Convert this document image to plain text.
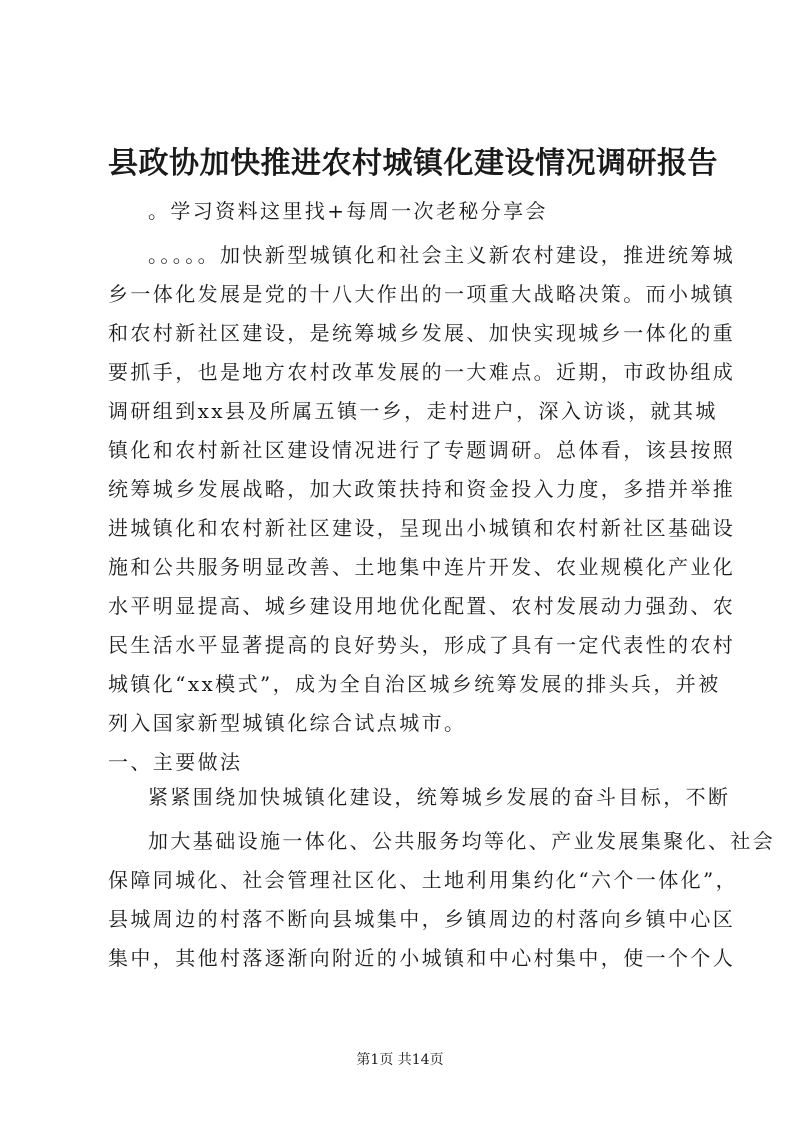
县政协加快推进农村城镇化建设情况调研报告
。学习资料这里找+每周一次老秘分享会
。。。。。加快新型城镇化和社会主义新农村建设，推进统筹城
乡一体化发展是党的十八大作出的一项重大战略决策。而小城镇
和农村新社区建设，是统筹城乡发展、加快实现城乡一体化的重
要抓手，也是地方农村改革发展的一大难点。近期，市政协组成
调研组到xx县及所属五镇一乡，走村进户，深入访谈，就其城
镇化和农村新社区建设情况进行了专题调研。总体看，该县按照
统筹城乡发展战略，加大政策扶持和资金投入力度，多措并举推
进城镇化和农村新社区建设，呈现出小城镇和农村新社区基础设
施和公共服务明显改善、土地集中连片开发、农业规模化产业化
水平明显提高、城乡建设用地优化配置、农村发展动力强劲、农
民生活水平显著提高的良好势头，形成了具有一定代表性的农村
城镇化“xx模式”，成为全自治区城乡统筹发展的排头兵，并被
列入国家新型城镇化综合试点城市。
一、主要做法
紧紧围绕加快城镇化建设，统筹城乡发展的奋斗目标，不断
加大基础设施一体化、公共服务均等化、产业发展集聚化、社会
保障同城化、社会管理社区化、土地利用集约化“六个一体化”，
县城周边的村落不断向县城集中，乡镇周边的村落向乡镇中心区
集中，其他村落逐渐向附近的小城镇和中心村集中，使一个个人
第1页 共14页
